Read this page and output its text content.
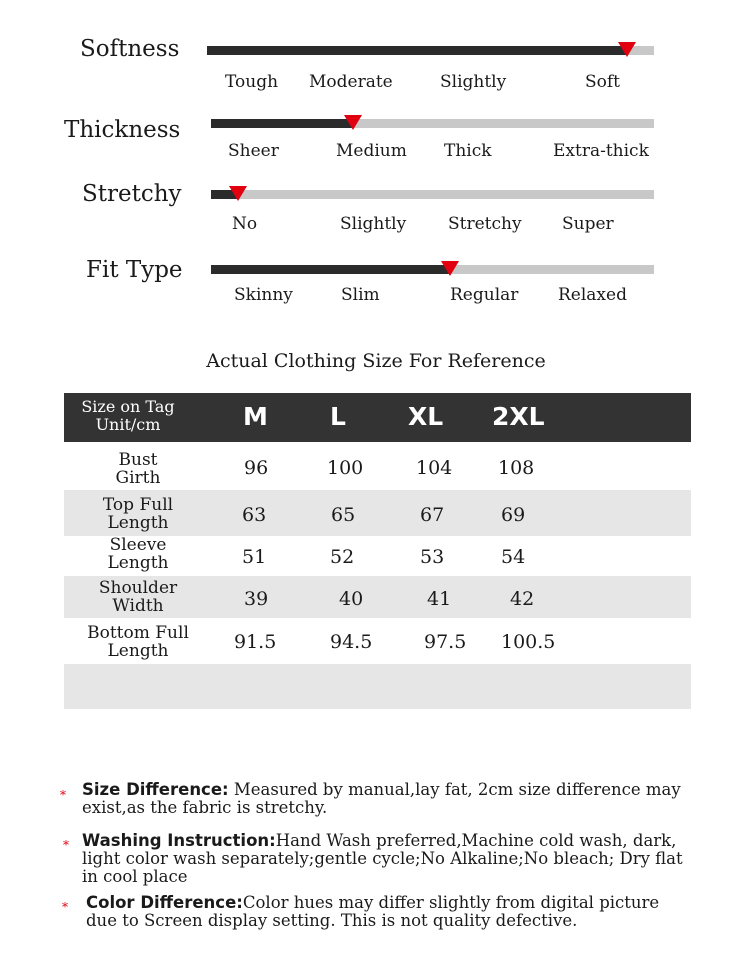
Softness
Tough Moderate	Slightly	Soft
Thickness
Sheer	Medium Thick	Extra-thick
Stretchy
No	Slightly Stretchy Super
Fit Type
Skinny	Slim	Regular Relaxed
Actual Clothing Size For Reference
Size on Tag
Unit/cm	M L XL 2XL
Bust
Girth	96	100	104 108
Top Full
Length	63	65	67	69
Sleeve
Length	51	52	53	54
Shoulder
Width	39	40	41	42
Bottom Full
Length	91.5	94.5	97.5 100.5
* Size Difference: Measured by manual,lay fat, 2cm size difference may exist,as the fabric is stretchy.
* Washing Instruction:Hand Wash preferred,Machine cold wash, dark, light color wash separately;gentle cycle;No Alkaline;No bleach; Dry flat in cool place
* Color Difference:Color hues may differ slightly from digital picture due to Screen display setting. This is not quality defective.
